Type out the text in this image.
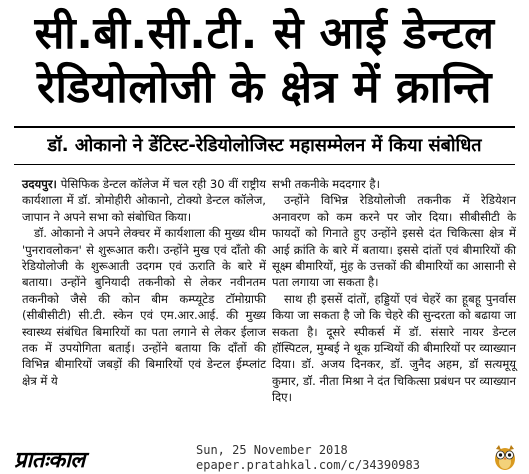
सी.बी.सी.टी. से आई डेन्टल
रेडियोलोजी के क्षेत्र में क्रान्ति
डॉ. ओकानो ने डेंटिस्ट-रेडियोलोजिस्ट महासम्मेलन में किया संबोधित

उदयपुर। पेसिफिक डेन्टल कॉलेज में चल रही 30 वीं राष्ट्रीय कार्यशाला में डॉ. त्रोमोहीरी ओकानो, टोक्यो डेन्टल कॉलेज, जापान ने अपने सभा को संबोधित किया।

डॉ. ओकानो ने अपने लेक्चर में कार्यशाला की मुख्य थीम 'पुनरावलोकन' से शुरूआत करी। उन्होंने मुख एवं दाँतो की रेडियोलोजी के शुरूआती उदगम एवं ऊराति के बारे में बताया। उन्होंने बुनियादी तकनीको से लेकर नवीनतम तकनीको जैसे की कोन बीम कम्प्यूटेड टॉमोग्राफी (सीबीसीटी) सी.टी. स्केन एवं एम.आर.आई. की मुख्य स्वास्थ्य संबंधित बिमारियों का पता लगाने से लेकर ईलाज तक में उपयोगिता बताई। उन्होंने बताया कि दाँतों की विभिन्न बीमारियों जबड़ों की बिमारियों एवं डेन्टल ईम्प्लांट क्षेत्र में ये

सभी तकनीके मददगार है।

उन्होंने विभिन्न रेडियोलोजी तकनीक में रेडियेशन अनावरण को कम करने पर जोर दिया। सीबीसीटी के फायदों को गिनाते हुए उन्होंने इससे दंत चिकित्सा क्षेत्र में आई क्रांति के बारे में बताया। इससे दांतों एवं बीमारियों की सूक्ष्म बीमारियों, मुंह के उत्तकों की बीमारियों का आसानी से पता लगाया जा सकता है।

साथ ही इससें दांतों, हड्डियों एवं चेहरें का हूबहू पुनर्वास किया जा सकता है जो कि चेहरे की सुन्दरता को बढाया जा सकता है। दूसरे स्पीकर्स में डॉ. संसारे नायर डेन्टल हॉस्पिटल, मुम्बई ने थूक ग्रन्थियों की बीमारियों पर व्याख्यान दिया। डॉ. अजय दिनकर, डॉ. जुनैद अहम, डॉ सत्यमूयू कुमार, डॉ. नीता मिश्रा ने दंत चिकित्सा प्रबंधन पर व्याख्यान दिए।

प्रातःकाल	Sun, 25 November 2018
epaper.pratahkal.com/c/34390983
